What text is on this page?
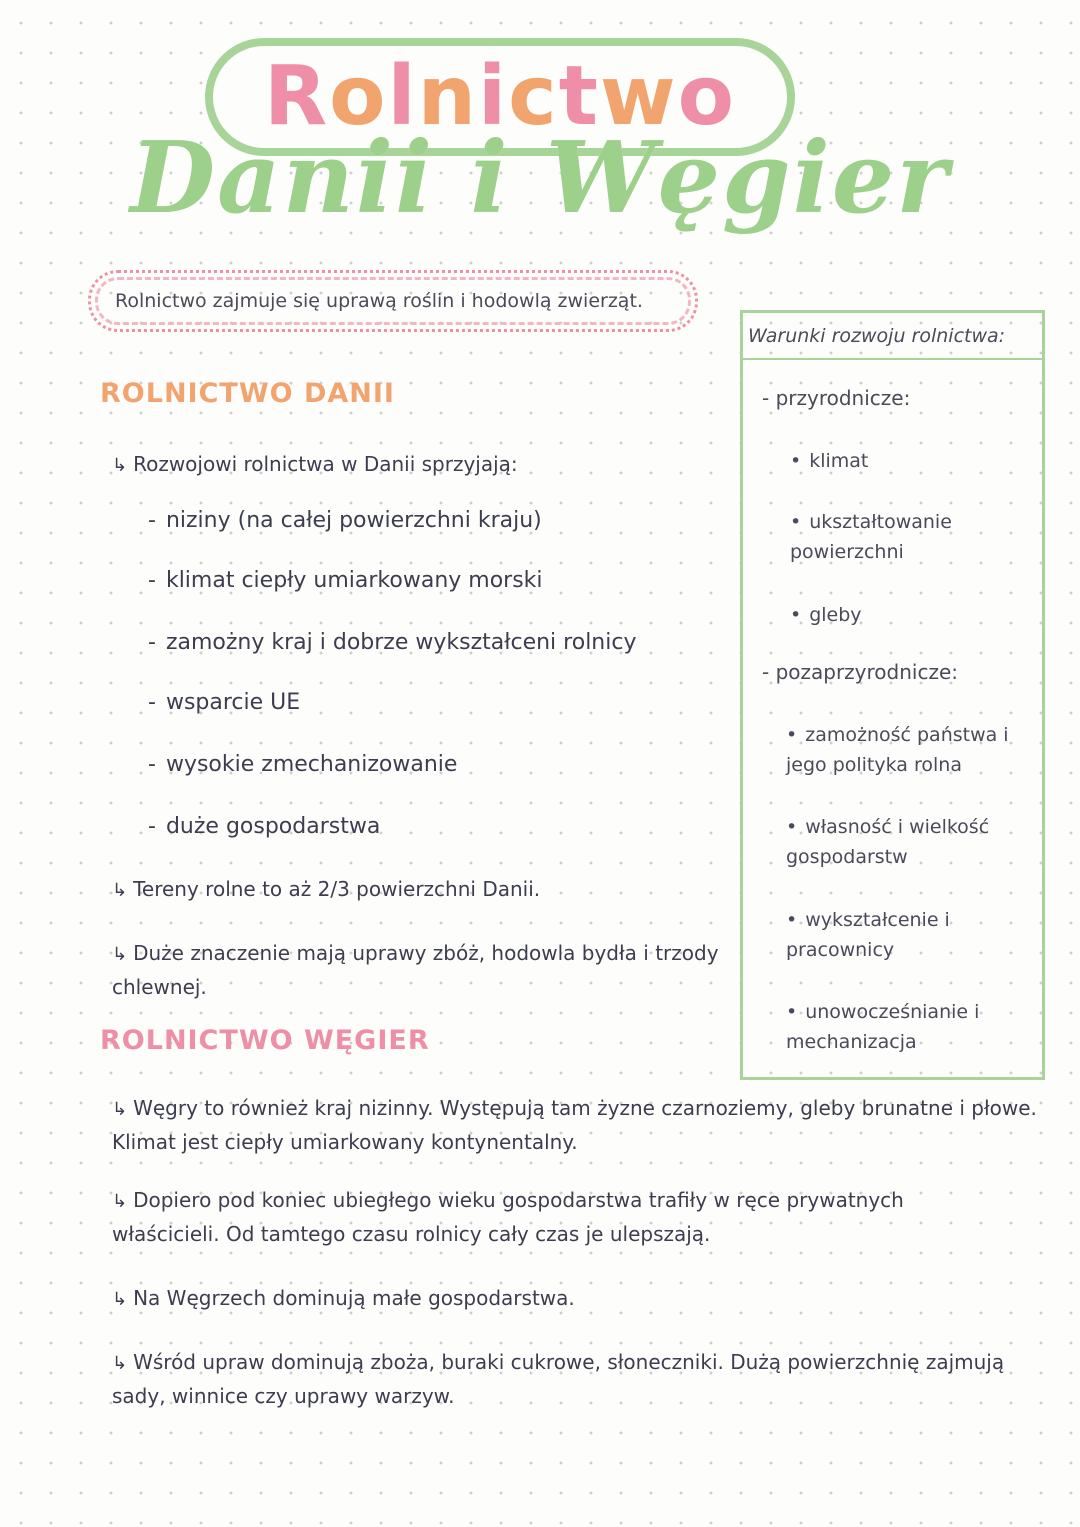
R o l n i c t w o
Danii i Węgier
Rolnictwo zajmuje się uprawą roślin i hodowlą zwierząt.
Warunki rozwoju rolnictwa:
- przyrodnicze:
• klimat
• ukształtowanie powierzchni
• gleby
- pozaprzyrodnicze:
• zamożność państwa i jego polityka rolna
• własność i wielkość gospodarstw
• wykształcenie i pracownicy
• unowocześnianie i mechanizacja
ROLNICTWO DANII
↳ Rozwojowi rolnictwa w Danii sprzyjają:
- niziny (na całej powierzchni kraju)
- klimat ciepły umiarkowany morski
- zamożny kraj i dobrze wykształceni rolnicy
- wsparcie UE
- wysokie zmechanizowanie
- duże gospodarstwa
↳ Tereny rolne to aż 2/3 powierzchni Danii.
↳ Duże znaczenie mają uprawy zbóż, hodowla bydła i trzody chlewnej.
ROLNICTWO WĘGIER
↳ Węgry to również kraj nizinny. Występują tam żyzne czarnoziemy, gleby brunatne i płowe. Klimat jest ciepły umiarkowany kontynentalny.
↳ Dopiero pod koniec ubiegłego wieku gospodarstwa trafiły w ręce prywatnych właścicieli. Od tamtego czasu rolnicy cały czas je ulepszają.
↳ Na Węgrzech dominują małe gospodarstwa.
↳ Wśród upraw dominują zboża, buraki cukrowe, słoneczniki. Dużą powierzchnię zajmują sady, winnice czy uprawy warzyw.
